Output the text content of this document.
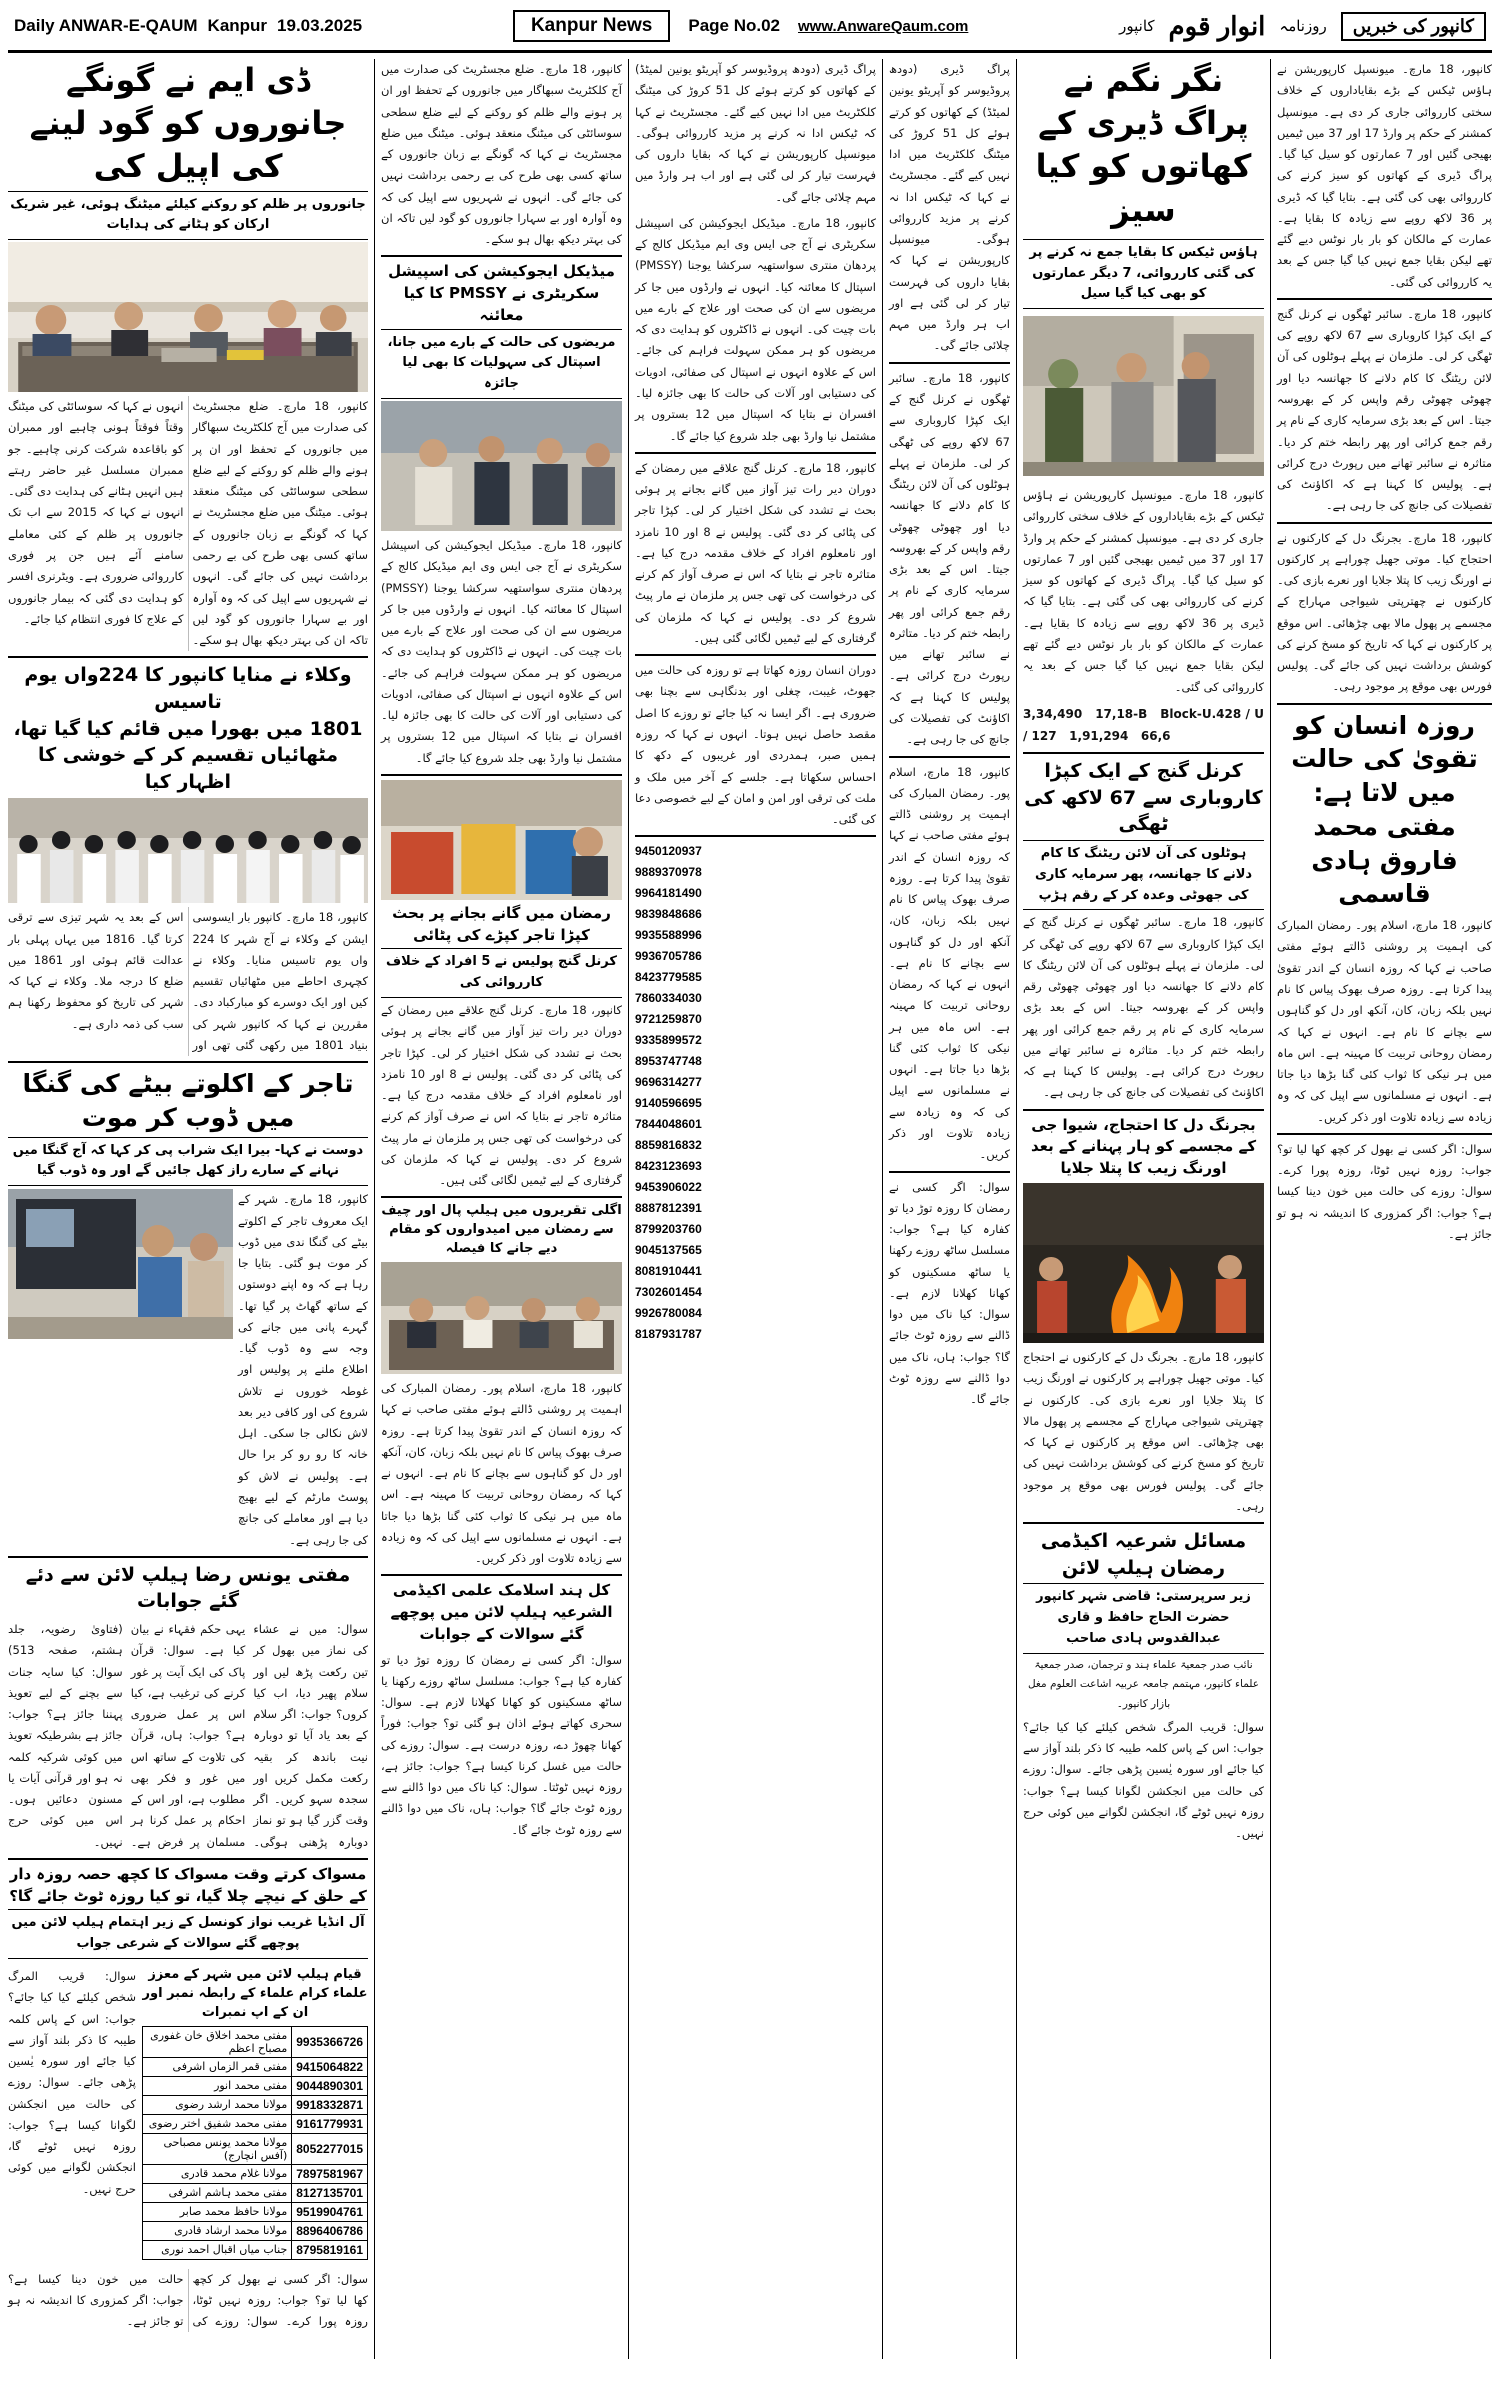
Daily ANWAR-E-QAUM Kanpur 19.03.2025	Kanpur News	Page No.02 www.AnwareQaum.com	کانپور کی خبریں
روزنامہ
انوار قوم
کانپور
ڈی ایم نے گونگے جانوروں کو گود لینے کی اپیل کی
جانوروں پر ظلم کو روکنے کیلئے میٹنگ ہوئی، غیر شریک ارکان کو ہٹانے کی ہدایات
کانپور، 18 مارچ۔ ضلع مجسٹریٹ کی صدارت میں آج کلکٹریٹ سبھاگار میں جانوروں کے تحفظ اور ان پر ہونے والے ظلم کو روکنے کے لیے ضلع سطحی سوسائٹی کی میٹنگ منعقد ہوئی۔ میٹنگ میں ضلع مجسٹریٹ نے کہا کہ گونگے بے زبان جانوروں کے ساتھ کسی بھی طرح کی بے رحمی برداشت نہیں کی جائے گی۔ انہوں نے شہریوں سے اپیل کی کہ وہ آوارہ اور بے سہارا جانوروں کو گود لیں تاکہ ان کی بہتر دیکھ بھال ہو سکے۔ انہوں نے کہا کہ سوسائٹی کی میٹنگ وقتاً فوقتاً ہونی چاہیے اور ممبران کو باقاعدہ شرکت کرنی چاہیے۔ جو ممبران مسلسل غیر حاضر رہتے ہیں انہیں ہٹانے کی ہدایت دی گئی۔ انہوں نے کہا کہ 2015 سے اب تک جانوروں پر ظلم کے کئی معاملے سامنے آئے ہیں جن پر فوری کارروائی ضروری ہے۔ ویٹرنری افسر کو ہدایت دی گئی کہ بیمار جانوروں کے علاج کا فوری انتظام کیا جائے۔
وکلاء نے منایا کانپور کا 224واں یوم تاسیس
1801 میں بھورا میں قائم کیا گیا تھا، مٹھائیاں تقسیم کر کے خوشی کا اظہار کیا
کانپور، 18 مارچ۔ کانپور بار ایسوسی ایشن کے وکلاء نے آج شہر کا 224 واں یوم تاسیس منایا۔ وکلاء نے کچہری احاطے میں مٹھائیاں تقسیم کیں اور ایک دوسرے کو مبارکباد دی۔ مقررین نے کہا کہ کانپور شہر کی بنیاد 1801 میں رکھی گئی تھی اور اس کے بعد یہ شہر تیزی سے ترقی کرتا گیا۔ 1816 میں یہاں پہلی بار عدالت قائم ہوئی اور 1861 میں ضلع کا درجہ ملا۔ وکلاء نے کہا کہ شہر کی تاریخ کو محفوظ رکھنا ہم سب کی ذمہ داری ہے۔
تاجر کے اکلوتے بیٹے کی گنگا میں ڈوب کر موت
دوست نے کہا- بیرا ایک شراب پی کر کہا کہ آج گنگا میں نہانے کے سارے راز کھل جائیں گے اور وہ ڈوب گیا
کانپور، 18 مارچ۔ شہر کے ایک معروف تاجر کے اکلوتے بیٹے کی گنگا ندی میں ڈوب کر موت ہو گئی۔ بتایا جا رہا ہے کہ وہ اپنے دوستوں کے ساتھ گھاٹ پر گیا تھا۔ گہرے پانی میں جانے کی وجہ سے وہ ڈوب گیا۔ اطلاع ملنے پر پولیس اور غوطہ خوروں نے تلاش شروع کی اور کافی دیر بعد لاش نکالی جا سکی۔ اہل خانہ کا رو رو کر برا حال ہے۔ پولیس نے لاش کو پوسٹ مارٹم کے لیے بھیج دیا ہے اور معاملے کی جانچ کی جا رہی ہے۔
مفتی یونس رضا ہیلپ لائن سے دئے گئے جوابات
سوال: میں نے عشاء کی نماز میں بھول کر تین رکعت پڑھ لیں اور سلام پھیر دیا، اب کیا کروں؟ جواب: اگر سلام کے بعد یاد آیا تو دوبارہ نیت باندھ کر بقیہ رکعت مکمل کریں اور سجدہ سہو کریں۔ اگر وقت گزر گیا ہو تو نماز دوبارہ پڑھنی ہوگی۔ یہی حکم فقہاء نے بیان کیا ہے۔ سوال: قرآن پاک کی ایک آیت پر غور کرنے کی ترغیب ہے، کیا اس پر عمل ضروری ہے؟ جواب: ہاں، قرآن کی تلاوت کے ساتھ اس میں غور و فکر بھی مطلوب ہے، اور اس کے احکام پر عمل کرنا ہر مسلمان پر فرض ہے۔ (فتاویٰ رضویہ، جلد ہشتم، صفحہ 513) سوال: کیا سایہ جنات سے بچنے کے لیے تعویذ پہننا جائز ہے؟ جواب: جائز ہے بشرطیکہ تعویذ میں کوئی شرکیہ کلمہ نہ ہو اور قرآنی آیات یا مسنون دعائیں ہوں۔ اس میں کوئی حرج نہیں۔
مسواک کرتے وقت مسواک کا کچھ حصہ روزہ دار کے حلق کے نیچے چلا گیا، تو کیا روزہ ٹوٹ جائے گا؟
آل انڈیا غریب نواز کونسل کے زیر اہتمام ہیلپ لائن میں پوچھے گئے سوالات کے شرعی جواب
سوال: قریب المرگ شخص کیلئے کیا کیا جائے؟ جواب: اس کے پاس کلمہ طیبہ کا ذکر بلند آواز سے کیا جائے اور سورہ یٰسین پڑھی جائے۔ سوال: روزے کی حالت میں انجکشن لگوانا کیسا ہے؟ جواب: روزہ نہیں ٹوٹے گا، انجکشن لگوانے میں کوئی حرج نہیں۔
قیام ہیلپ لائن میں شہر کے معزز علماء کرام علماء کے رابطہ نمبر اور ان کے اپ نمبرات
9935366726	مفتی محمد اخلاق خان غفوری مصباح اعظم
9415064822	مفتی قمر الزماں اشرفی
9044890301	مفتی محمد انور
9918332871	مولانا محمد ارشد رضوی
9161779931	مفتی محمد شفیق اختر رضوی
8052277015	مولانا محمد یونس مصباحی (آفس انچارج)
7897581967	مولانا غلام محمد قادری
8127135701	مفتی محمد ہاشم اشرفی
9519904761	مولانا حافظ محمد صابر
8896406786	مولانا محمد ارشاد قادری
8795819161	جناب میاں اقبال احمد نوری
سوال: اگر کسی نے بھول کر کچھ کھا لیا تو؟ جواب: روزہ نہیں ٹوٹا، روزہ پورا کرے۔ سوال: روزے کی حالت میں خون دینا کیسا ہے؟ جواب: اگر کمزوری کا اندیشہ نہ ہو تو جائز ہے۔
کانپور، 18 مارچ۔ ضلع مجسٹریٹ کی صدارت میں آج کلکٹریٹ سبھاگار میں جانوروں کے تحفظ اور ان پر ہونے والے ظلم کو روکنے کے لیے ضلع سطحی سوسائٹی کی میٹنگ منعقد ہوئی۔ میٹنگ میں ضلع مجسٹریٹ نے کہا کہ گونگے بے زبان جانوروں کے ساتھ کسی بھی طرح کی بے رحمی برداشت نہیں کی جائے گی۔ انہوں نے شہریوں سے اپیل کی کہ وہ آوارہ اور بے سہارا جانوروں کو گود لیں تاکہ ان کی بہتر دیکھ بھال ہو سکے۔
میڈیکل ایجوکیشن کی اسپیشل سکریٹری نے PMSSY کا کیا معائنہ
مریضوں کی حالت کے بارے میں جانا، اسپتال کی سہولیات کا بھی لیا جائزہ
کانپور، 18 مارچ۔ میڈیکل ایجوکیشن کی اسپیشل سکریٹری نے آج جی ایس وی ایم میڈیکل کالج کے پردھان منتری سواستھیہ سرکشا یوجنا (PMSSY) اسپتال کا معائنہ کیا۔ انہوں نے وارڈوں میں جا کر مریضوں سے ان کی صحت اور علاج کے بارے میں بات چیت کی۔ انہوں نے ڈاکٹروں کو ہدایت دی کہ مریضوں کو ہر ممکن سہولت فراہم کی جائے۔ اس کے علاوہ انہوں نے اسپتال کی صفائی، ادویات کی دستیابی اور آلات کی حالت کا بھی جائزہ لیا۔ افسران نے بتایا کہ اسپتال میں 12 بستروں پر مشتمل نیا وارڈ بھی جلد شروع کیا جائے گا۔
رمضان میں گانے بجانے پر بحث کپڑا تاجر کپڑے کی پٹائی
کرنل گنج پولیس نے 5 افراد کے خلاف کارروائی کی
کانپور، 18 مارچ۔ کرنل گنج علاقے میں رمضان کے دوران دیر رات تیز آواز میں گانے بجانے پر ہوئی بحث نے تشدد کی شکل اختیار کر لی۔ کپڑا تاجر کی پٹائی کر دی گئی۔ پولیس نے 8 اور 10 نامزد اور نامعلوم افراد کے خلاف مقدمہ درج کیا ہے۔ متاثرہ تاجر نے بتایا کہ اس نے صرف آواز کم کرنے کی درخواست کی تھی جس پر ملزمان نے مار پیٹ شروع کر دی۔ پولیس نے کہا کہ ملزمان کی گرفتاری کے لیے ٹیمیں لگائی گئی ہیں۔
اگلی تقریروں میں ہیلپ پال اور چیف سے رمضان میں امیدواروں کو مقام دیے جانے کا فیصلہ
کانپور، 18 مارچ، اسلام پور۔ رمضان المبارک کی اہمیت پر روشنی ڈالتے ہوئے مفتی صاحب نے کہا کہ روزہ انسان کے اندر تقویٰ پیدا کرتا ہے۔ روزہ صرف بھوک پیاس کا نام نہیں بلکہ زبان، کان، آنکھ اور دل کو گناہوں سے بچانے کا نام ہے۔ انہوں نے کہا کہ رمضان روحانی تربیت کا مہینہ ہے۔ اس ماہ میں ہر نیکی کا ثواب کئی گنا بڑھا دیا جاتا ہے۔ انہوں نے مسلمانوں سے اپیل کی کہ وہ زیادہ سے زیادہ تلاوت اور ذکر کریں۔
کل ہند اسلامک علمی اکیڈمی الشرعیہ ہیلپ لائن میں پوچھے گئے سوالات کے جوابات
سوال: اگر کسی نے رمضان کا روزہ توڑ دیا تو کفارہ کیا ہے؟ جواب: مسلسل ساٹھ روزے رکھنا یا ساٹھ مسکینوں کو کھانا کھلانا لازم ہے۔ سوال: سحری کھاتے ہوئے اذان ہو گئی تو؟ جواب: فوراً کھانا چھوڑ دے، روزہ درست ہے۔ سوال: روزے کی حالت میں غسل کرنا کیسا ہے؟ جواب: جائز ہے، روزہ نہیں ٹوٹتا۔ سوال: کیا ناک میں دوا ڈالنے سے روزہ ٹوٹ جائے گا؟ جواب: ہاں، ناک میں دوا ڈالنے سے روزہ ٹوٹ جائے گا۔
پراگ ڈیری (دودھ پروڈیوسر کو آپریٹو یونین لمیٹڈ) کے کھاتوں کو کرتے ہوئے کل 51 کروڑ کی میٹنگ کلکٹریٹ میں ادا نہیں کیے گئے۔ مجسٹریٹ نے کہا کہ ٹیکس ادا نہ کرنے پر مزید کارروائی ہوگی۔ میونسپل کارپوریشن نے کہا کہ بقایا داروں کی فہرست تیار کر لی گئی ہے اور اب ہر وارڈ میں مہم چلائی جائے گی۔
کانپور، 18 مارچ۔ میڈیکل ایجوکیشن کی اسپیشل سکریٹری نے آج جی ایس وی ایم میڈیکل کالج کے پردھان منتری سواستھیہ سرکشا یوجنا (PMSSY) اسپتال کا معائنہ کیا۔ انہوں نے وارڈوں میں جا کر مریضوں سے ان کی صحت اور علاج کے بارے میں بات چیت کی۔ انہوں نے ڈاکٹروں کو ہدایت دی کہ مریضوں کو ہر ممکن سہولت فراہم کی جائے۔ اس کے علاوہ انہوں نے اسپتال کی صفائی، ادویات کی دستیابی اور آلات کی حالت کا بھی جائزہ لیا۔ افسران نے بتایا کہ اسپتال میں 12 بستروں پر مشتمل نیا وارڈ بھی جلد شروع کیا جائے گا۔
کانپور، 18 مارچ۔ کرنل گنج علاقے میں رمضان کے دوران دیر رات تیز آواز میں گانے بجانے پر ہوئی بحث نے تشدد کی شکل اختیار کر لی۔ کپڑا تاجر کی پٹائی کر دی گئی۔ پولیس نے 8 اور 10 نامزد اور نامعلوم افراد کے خلاف مقدمہ درج کیا ہے۔ متاثرہ تاجر نے بتایا کہ اس نے صرف آواز کم کرنے کی درخواست کی تھی جس پر ملزمان نے مار پیٹ شروع کر دی۔ پولیس نے کہا کہ ملزمان کی گرفتاری کے لیے ٹیمیں لگائی گئی ہیں۔
دوران انسان روزہ کھاتا ہے تو روزہ کی حالت میں جھوٹ، غیبت، چغلی اور بدنگاہی سے بچنا بھی ضروری ہے۔ اگر ایسا نہ کیا جائے تو روزے کا اصل مقصد حاصل نہیں ہوتا۔ انہوں نے کہا کہ روزہ ہمیں صبر، ہمدردی اور غریبوں کے دکھ کا احساس سکھاتا ہے۔ جلسے کے آخر میں ملک و ملت کی ترقی اور امن و امان کے لیے خصوصی دعا کی گئی۔
9450120937
9889370978
9964181490
9839848686
9935588996
9936705786
8423779585
7860334030
9721259870
9335899572
8953747748
9696314277
9140596695
7844048601
8859816832
8423123693
9453906022
8887812391
8799203760
9045137565
8081910441
7302601454
9926780084
8187931787
پراگ ڈیری (دودھ پروڈیوسر کو آپریٹو یونین لمیٹڈ) کے کھاتوں کو کرتے ہوئے کل 51 کروڑ کی میٹنگ کلکٹریٹ میں ادا نہیں کیے گئے۔ مجسٹریٹ نے کہا کہ ٹیکس ادا نہ کرنے پر مزید کارروائی ہوگی۔ میونسپل کارپوریشن نے کہا کہ بقایا داروں کی فہرست تیار کر لی گئی ہے اور اب ہر وارڈ میں مہم چلائی جائے گی۔
کانپور، 18 مارچ۔ سائبر ٹھگوں نے کرنل گنج کے ایک کپڑا کاروباری سے 67 لاکھ روپے کی ٹھگی کر لی۔ ملزمان نے پہلے ہوٹلوں کی آن لائن ریٹنگ کا کام دلانے کا جھانسہ دیا اور چھوٹی چھوٹی رقم واپس کر کے بھروسہ جیتا۔ اس کے بعد بڑی سرمایہ کاری کے نام پر رقم جمع کرائی اور پھر رابطہ ختم کر دیا۔ متاثرہ نے سائبر تھانے میں رپورٹ درج کرائی ہے۔ پولیس کا کہنا ہے کہ اکاؤنٹ کی تفصیلات کی جانچ کی جا رہی ہے۔
کانپور، 18 مارچ، اسلام پور۔ رمضان المبارک کی اہمیت پر روشنی ڈالتے ہوئے مفتی صاحب نے کہا کہ روزہ انسان کے اندر تقویٰ پیدا کرتا ہے۔ روزہ صرف بھوک پیاس کا نام نہیں بلکہ زبان، کان، آنکھ اور دل کو گناہوں سے بچانے کا نام ہے۔ انہوں نے کہا کہ رمضان روحانی تربیت کا مہینہ ہے۔ اس ماہ میں ہر نیکی کا ثواب کئی گنا بڑھا دیا جاتا ہے۔ انہوں نے مسلمانوں سے اپیل کی کہ وہ زیادہ سے زیادہ تلاوت اور ذکر کریں۔
سوال: اگر کسی نے رمضان کا روزہ توڑ دیا تو کفارہ کیا ہے؟ جواب: مسلسل ساٹھ روزے رکھنا یا ساٹھ مسکینوں کو کھانا کھلانا لازم ہے۔ سوال: کیا ناک میں دوا ڈالنے سے روزہ ٹوٹ جائے گا؟ جواب: ہاں، ناک میں دوا ڈالنے سے روزہ ٹوٹ جائے گا۔
نگر نگم نے پراگ ڈیری کے کھاتوں کو کیا سیز
ہاؤس ٹیکس کا بقایا جمع نہ کرنے پر کی گئی کارروائی، 7 دیگر عمارتوں کو بھی کیا گیا سیل
کانپور، 18 مارچ۔ میونسپل کارپوریشن نے ہاؤس ٹیکس کے بڑے بقایاداروں کے خلاف سختی کارروائی جاری کر دی ہے۔ میونسپل کمشنر کے حکم پر وارڈ 17 اور 37 میں ٹیمیں بھیجی گئیں اور 7 عمارتوں کو سیل کیا گیا۔ پراگ ڈیری کے کھاتوں کو سیز کرنے کی کارروائی بھی کی گئی ہے۔ بتایا گیا کہ ڈیری پر 36 لاکھ روپے سے زیادہ کا بقایا ہے۔ عمارت کے مالکان کو بار بار نوٹس دیے گئے تھے لیکن بقایا جمع نہیں کیا گیا جس کے بعد یہ کارروائی کی گئی۔
3,34,490 17,18-B Block-U.428 / U / 127 1,91,294 66,6
کرنل گنج کے ایک کپڑا کاروباری سے 67 لاکھ کی ٹھگی
ہوٹلوں کی آن لائن ریٹنگ کا کام دلانے کا جھانسہ، پھر سرمایہ کاری کی جھوٹی وعدہ کر کے رقم ہڑپ
کانپور، 18 مارچ۔ سائبر ٹھگوں نے کرنل گنج کے ایک کپڑا کاروباری سے 67 لاکھ روپے کی ٹھگی کر لی۔ ملزمان نے پہلے ہوٹلوں کی آن لائن ریٹنگ کا کام دلانے کا جھانسہ دیا اور چھوٹی چھوٹی رقم واپس کر کے بھروسہ جیتا۔ اس کے بعد بڑی سرمایہ کاری کے نام پر رقم جمع کرائی اور پھر رابطہ ختم کر دیا۔ متاثرہ نے سائبر تھانے میں رپورٹ درج کرائی ہے۔ پولیس کا کہنا ہے کہ اکاؤنٹ کی تفصیلات کی جانچ کی جا رہی ہے۔
بجرنگ دل کا احتجاج، شیوا جی کے مجسمے کو ہار پہنانے کے بعد اورنگ زیب کا پتلا جلایا
کانپور، 18 مارچ۔ بجرنگ دل کے کارکنوں نے احتجاج کیا۔ موتی جھیل چوراہے پر کارکنوں نے اورنگ زیب کا پتلا جلایا اور نعرے بازی کی۔ کارکنوں نے چھترپتی شیواجی مہاراج کے مجسمے پر پھول مالا بھی چڑھائی۔ اس موقع پر کارکنوں نے کہا کہ تاریخ کو مسخ کرنے کی کوشش برداشت نہیں کی جائے گی۔ پولیس فورس بھی موقع پر موجود رہی۔
مسائل شرعیہ اکیڈمی رمضان ہیلپ لائن
زیر سرپرستی: قاضی شہر کانپور حضرت الحاج حافظ و قاری عبدالقدوس ہادی صاحب
نائب صدر جمعیۃ علماء ہند و ترجمان، صدر جمعیۃ علماء کانپور، مہتمم جامعہ عربیہ اشاعت العلوم مغل بازار کانپور۔
سوال: قریب المرگ شخص کیلئے کیا کیا جائے؟ جواب: اس کے پاس کلمہ طیبہ کا ذکر بلند آواز سے کیا جائے اور سورہ یٰسین پڑھی جائے۔ سوال: روزے کی حالت میں انجکشن لگوانا کیسا ہے؟ جواب: روزہ نہیں ٹوٹے گا، انجکشن لگوانے میں کوئی حرج نہیں۔
کانپور، 18 مارچ۔ میونسپل کارپوریشن نے ہاؤس ٹیکس کے بڑے بقایاداروں کے خلاف سختی کارروائی جاری کر دی ہے۔ میونسپل کمشنر کے حکم پر وارڈ 17 اور 37 میں ٹیمیں بھیجی گئیں اور 7 عمارتوں کو سیل کیا گیا۔ پراگ ڈیری کے کھاتوں کو سیز کرنے کی کارروائی بھی کی گئی ہے۔ بتایا گیا کہ ڈیری پر 36 لاکھ روپے سے زیادہ کا بقایا ہے۔ عمارت کے مالکان کو بار بار نوٹس دیے گئے تھے لیکن بقایا جمع نہیں کیا گیا جس کے بعد یہ کارروائی کی گئی۔
کانپور، 18 مارچ۔ سائبر ٹھگوں نے کرنل گنج کے ایک کپڑا کاروباری سے 67 لاکھ روپے کی ٹھگی کر لی۔ ملزمان نے پہلے ہوٹلوں کی آن لائن ریٹنگ کا کام دلانے کا جھانسہ دیا اور چھوٹی چھوٹی رقم واپس کر کے بھروسہ جیتا۔ اس کے بعد بڑی سرمایہ کاری کے نام پر رقم جمع کرائی اور پھر رابطہ ختم کر دیا۔ متاثرہ نے سائبر تھانے میں رپورٹ درج کرائی ہے۔ پولیس کا کہنا ہے کہ اکاؤنٹ کی تفصیلات کی جانچ کی جا رہی ہے۔
کانپور، 18 مارچ۔ بجرنگ دل کے کارکنوں نے احتجاج کیا۔ موتی جھیل چوراہے پر کارکنوں نے اورنگ زیب کا پتلا جلایا اور نعرے بازی کی۔ کارکنوں نے چھترپتی شیواجی مہاراج کے مجسمے پر پھول مالا بھی چڑھائی۔ اس موقع پر کارکنوں نے کہا کہ تاریخ کو مسخ کرنے کی کوشش برداشت نہیں کی جائے گی۔ پولیس فورس بھی موقع پر موجود رہی۔
روزہ انسان کو تقویٰ کی حالت میں لاتا ہے: مفتی محمد فاروق ہادی قاسمی
کانپور، 18 مارچ، اسلام پور۔ رمضان المبارک کی اہمیت پر روشنی ڈالتے ہوئے مفتی صاحب نے کہا کہ روزہ انسان کے اندر تقویٰ پیدا کرتا ہے۔ روزہ صرف بھوک پیاس کا نام نہیں بلکہ زبان، کان، آنکھ اور دل کو گناہوں سے بچانے کا نام ہے۔ انہوں نے کہا کہ رمضان روحانی تربیت کا مہینہ ہے۔ اس ماہ میں ہر نیکی کا ثواب کئی گنا بڑھا دیا جاتا ہے۔ انہوں نے مسلمانوں سے اپیل کی کہ وہ زیادہ سے زیادہ تلاوت اور ذکر کریں۔
سوال: اگر کسی نے بھول کر کچھ کھا لیا تو؟ جواب: روزہ نہیں ٹوٹا، روزہ پورا کرے۔ سوال: روزے کی حالت میں خون دینا کیسا ہے؟ جواب: اگر کمزوری کا اندیشہ نہ ہو تو جائز ہے۔
